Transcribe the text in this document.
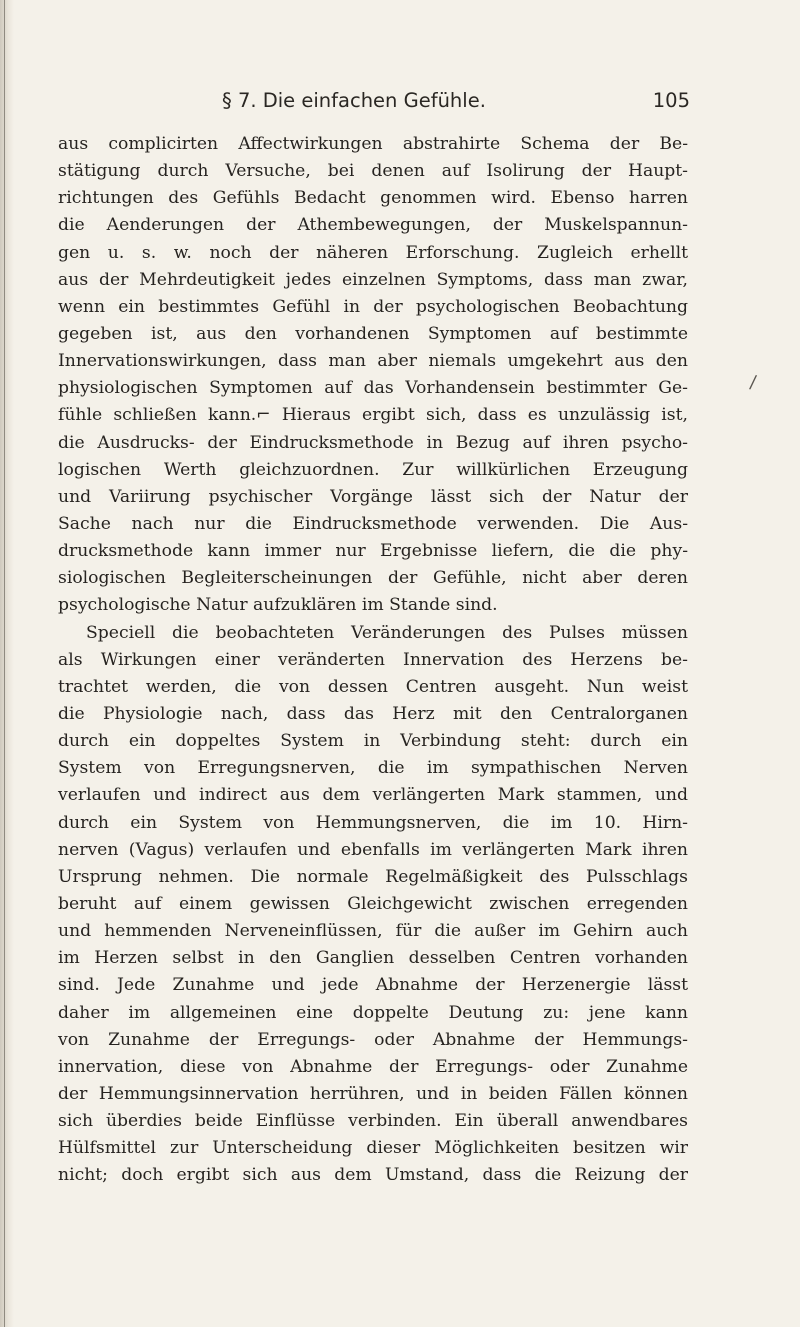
§ 7. Die einfachen Gefühle.	105
aus complicirten Affectwirkungen abstrahirte Schema der Be-
stätigung durch Versuche, bei denen auf Isolirung der Haupt-
richtungen des Gefühls Bedacht genommen wird. Ebenso harren
die Aenderungen der Athembewegungen, der Muskelspannun-
gen u. s. w. noch der näheren Erforschung. Zugleich erhellt
aus der Mehrdeutigkeit jedes einzelnen Symptoms, dass man zwar,
wenn ein bestimmtes Gefühl in der psychologischen Beobachtung
gegeben ist, aus den vorhandenen Symptomen auf bestimmte
Innervationswirkungen, dass man aber niemals umgekehrt aus den
physiologischen Symptomen auf das Vorhandensein bestimmter Ge-
fühle schließen kann.⌐ Hieraus ergibt sich, dass es unzulässig ist,
die Ausdrucks- der Eindrucksmethode in Bezug auf ihren psycho-
logischen Werth gleichzuordnen. Zur willkürlichen Erzeugung
und Variirung psychischer Vorgänge lässt sich der Natur der
Sache nach nur die Eindrucksmethode verwenden. Die Aus-
drucksmethode kann immer nur Ergebnisse liefern, die die phy-
siologischen Begleiterscheinungen der Gefühle, nicht aber deren
psychologische Natur aufzuklären im Stande sind.
Speciell die beobachteten Veränderungen des Pulses müssen
als Wirkungen einer veränderten Innervation des Herzens be-
trachtet werden, die von dessen Centren ausgeht. Nun weist
die Physiologie nach, dass das Herz mit den Centralorganen
durch ein doppeltes System in Verbindung steht: durch ein
System von Erregungsnerven, die im sympathischen Nerven
verlaufen und indirect aus dem verlängerten Mark stammen, und
durch ein System von Hemmungsnerven, die im 10. Hirn-
nerven (Vagus) verlaufen und ebenfalls im verlängerten Mark ihren
Ursprung nehmen. Die normale Regelmäßigkeit des Pulsschlags
beruht auf einem gewissen Gleichgewicht zwischen erregenden
und hemmenden Nerveneinflüssen, für die außer im Gehirn auch
im Herzen selbst in den Ganglien desselben Centren vorhanden
sind. Jede Zunahme und jede Abnahme der Herzenergie lässt
daher im allgemeinen eine doppelte Deutung zu: jene kann
von Zunahme der Erregungs- oder Abnahme der Hemmungs-
innervation, diese von Abnahme der Erregungs- oder Zunahme
der Hemmungsinnervation herrühren, und in beiden Fällen können
sich überdies beide Einflüsse verbinden. Ein überall anwendbares
Hülfsmittel zur Unterscheidung dieser Möglichkeiten besitzen wir
nicht; doch ergibt sich aus dem Umstand, dass die Reizung der
/
